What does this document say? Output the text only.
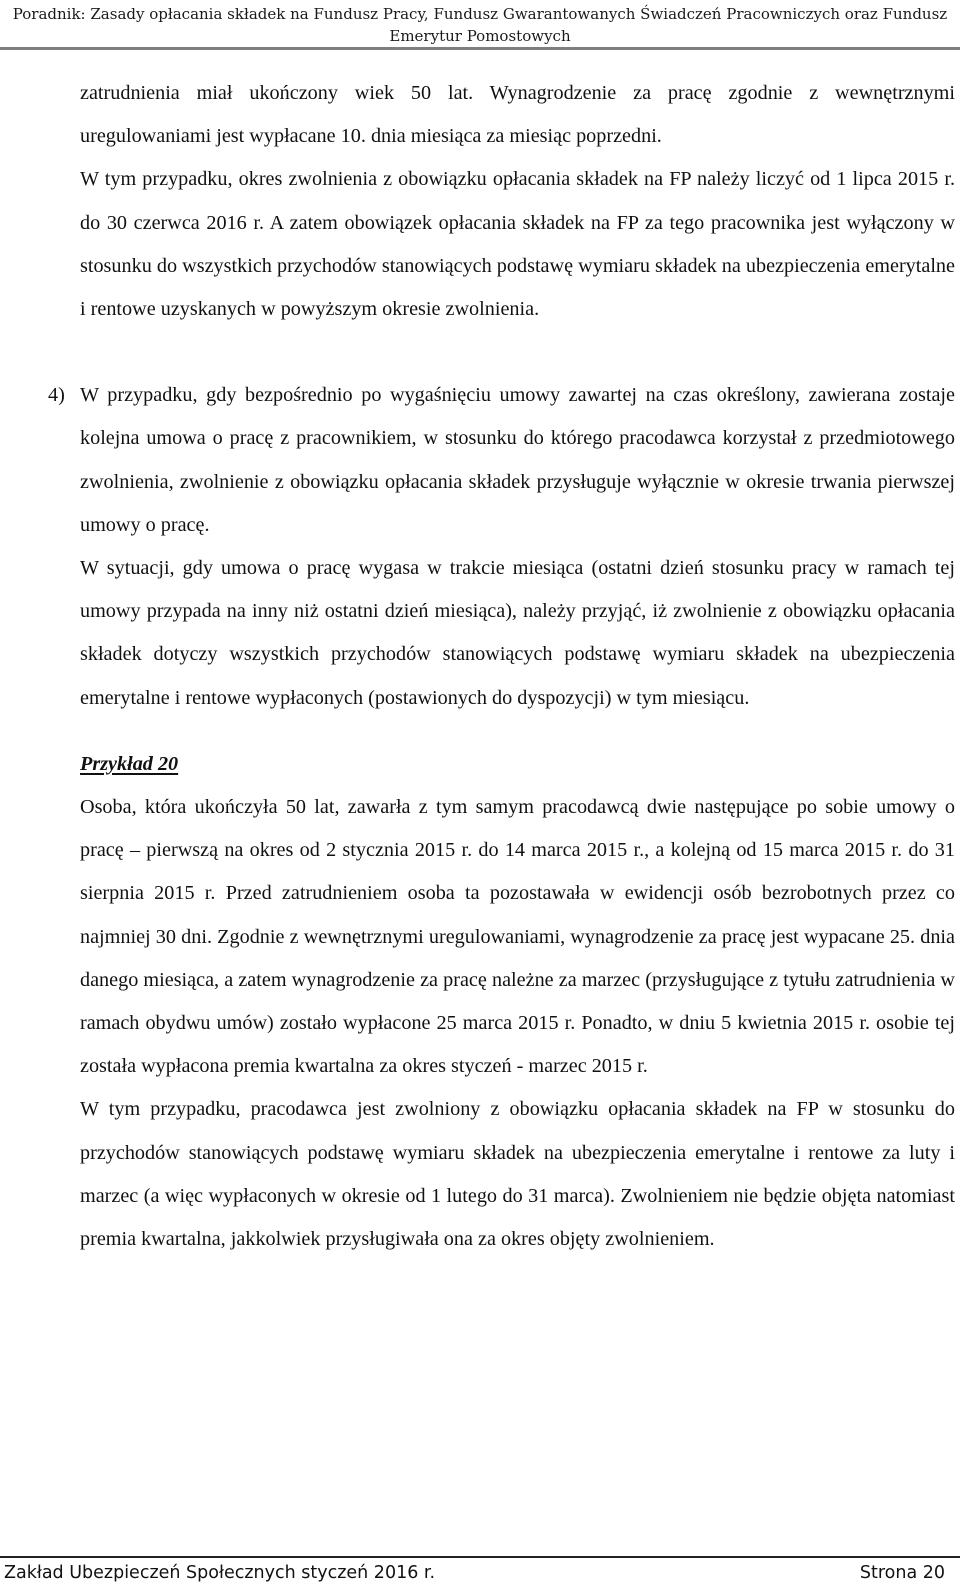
Poradnik: Zasady opłacania składek na Fundusz Pracy, Fundusz Gwarantowanych Świadczeń Pracowniczych oraz Fundusz Emerytur Pomostowych

zatrudnienia miał ukończony wiek 50 lat. Wynagrodzenie za pracę zgodnie z wewnętrznymi uregulowaniami jest wypłacane 10. dnia miesiąca za miesiąc poprzedni.

W tym przypadku, okres zwolnienia z obowiązku opłacania składek na FP należy liczyć od 1 lipca 2015 r. do 30 czerwca 2016 r. A zatem obowiązek opłacania składek na FP za tego pracownika jest wyłączony w stosunku do wszystkich przychodów stanowiących podstawę wymiaru składek na ubezpieczenia emerytalne i rentowe uzyskanych w powyższym okresie zwolnienia.

4) W przypadku, gdy bezpośrednio po wygaśnięciu umowy zawartej na czas określony, zawierana zostaje kolejna umowa o pracę z pracownikiem, w stosunku do którego pracodawca korzystał z przedmiotowego zwolnienia, zwolnienie z obowiązku opłacania składek przysługuje wyłącznie w okresie trwania pierwszej umowy o pracę.

W sytuacji, gdy umowa o pracę wygasa w trakcie miesiąca (ostatni dzień stosunku pracy w ramach tej umowy przypada na inny niż ostatni dzień miesiąca), należy przyjąć, iż zwolnienie z obowiązku opłacania składek dotyczy wszystkich przychodów stanowiących podstawę wymiaru składek na ubezpieczenia emerytalne i rentowe wypłaconych (postawionych do dyspozycji) w tym miesiącu.

Przykład 20

Osoba, która ukończyła 50 lat, zawarła z tym samym pracodawcą dwie następujące po sobie umowy o pracę – pierwszą na okres od 2 stycznia 2015 r. do 14 marca 2015 r., a kolejną od 15 marca 2015 r. do 31 sierpnia 2015 r. Przed zatrudnieniem osoba ta pozostawała w ewidencji osób bezrobotnych przez co najmniej 30 dni. Zgodnie z wewnętrznymi uregulowaniami, wynagrodzenie za pracę jest wypacane 25. dnia danego miesiąca, a zatem wynagrodzenie za pracę należne za marzec (przysługujące z tytułu zatrudnienia w ramach obydwu umów) zostało wypłacone 25 marca 2015 r. Ponadto, w dniu 5 kwietnia 2015 r. osobie tej została wypłacona premia kwartalna za okres styczeń - marzec 2015 r.

W tym przypadku, pracodawca jest zwolniony z obowiązku opłacania składek na FP w stosunku do przychodów stanowiących podstawę wymiaru składek na ubezpieczenia emerytalne i rentowe za luty i marzec (a więc wypłaconych w okresie od 1 lutego do 31 marca). Zwolnieniem nie będzie objęta natomiast premia kwartalna, jakkolwiek przysługiwała ona za okres objęty zwolnieniem.

Zakład Ubezpieczeń Społecznych styczeń 2016 r.	Strona 20
